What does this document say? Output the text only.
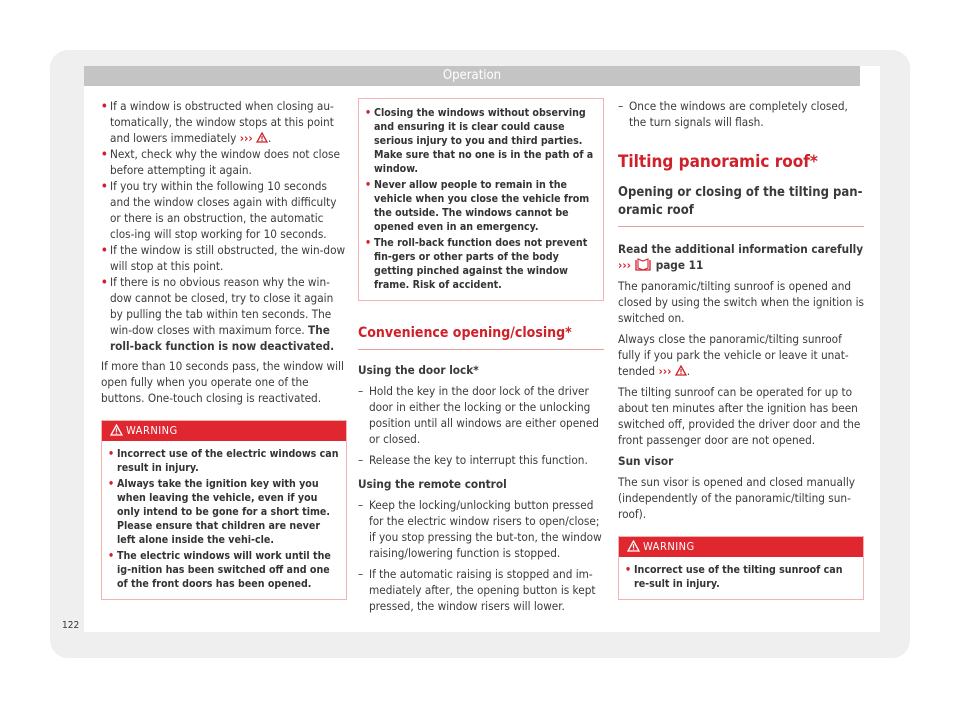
Operation

• If a window is obstructed when closing au-tomatically, the window stops at this point and lowers immediately ››› .

• Next, check why the window does not close before attempting it again.

• If you try within the following 10 seconds and the window closes again with difficulty or there is an obstruction, the automatic clos-ing will stop working for 10 seconds.

• If the window is still obstructed, the win-dow will stop at this point.

• If there is no obvious reason why the win-dow cannot be closed, try to close it again by pulling the tab within ten seconds. The win-dow closes with maximum force. The roll-back function is now deactivated.

If more than 10 seconds pass, the window will open fully when you operate one of the buttons. One-touch closing is reactivated.

WARNING

• Incorrect use of the electric windows can result in injury.

• Always take the ignition key with you when leaving the vehicle, even if you only intend to be gone for a short time. Please ensure that children are never left alone inside the vehi-cle.

• The electric windows will work until the ig-nition has been switched off and one of the front doors has been opened.

• Closing the windows without observing and ensuring it is clear could cause serious injury to you and third parties. Make sure that no one is in the path of a window.

• Never allow people to remain in the vehicle when you close the vehicle from the outside. The windows cannot be opened even in an emergency.

• The roll-back function does not prevent fin-gers or other parts of the body getting pinched against the window frame. Risk of accident.

Convenience opening/closing*

Using the door lock*

– Hold the key in the door lock of the driver door in either the locking or the unlocking position until all windows are either opened or closed.

– Release the key to interrupt this function.

Using the remote control

– Keep the locking/unlocking button pressed for the electric window risers to open/close; if you stop pressing the but-ton, the window raising/lowering function is stopped.

– If the automatic raising is stopped and im-mediately after, the opening button is kept pressed, the window risers will lower.

– Once the windows are completely closed, the turn signals will flash.

Tilting panoramic roof*
Opening or closing of the tilting pan-oramic roof

Read the additional information carefully
››› page 11

The panoramic/tilting sunroof is opened and closed by using the switch when the ignition is switched on.

Always close the panoramic/tilting sunroof fully if you park the vehicle or leave it unat-tended ››› .

The tilting sunroof can be operated for up to about ten minutes after the ignition has been switched off, provided the driver door and the front passenger door are not opened.

Sun visor

The sun visor is opened and closed manually (independently of the panoramic/tilting sun-roof).

WARNING

• Incorrect use of the tilting sunroof can re-sult in injury.

122
